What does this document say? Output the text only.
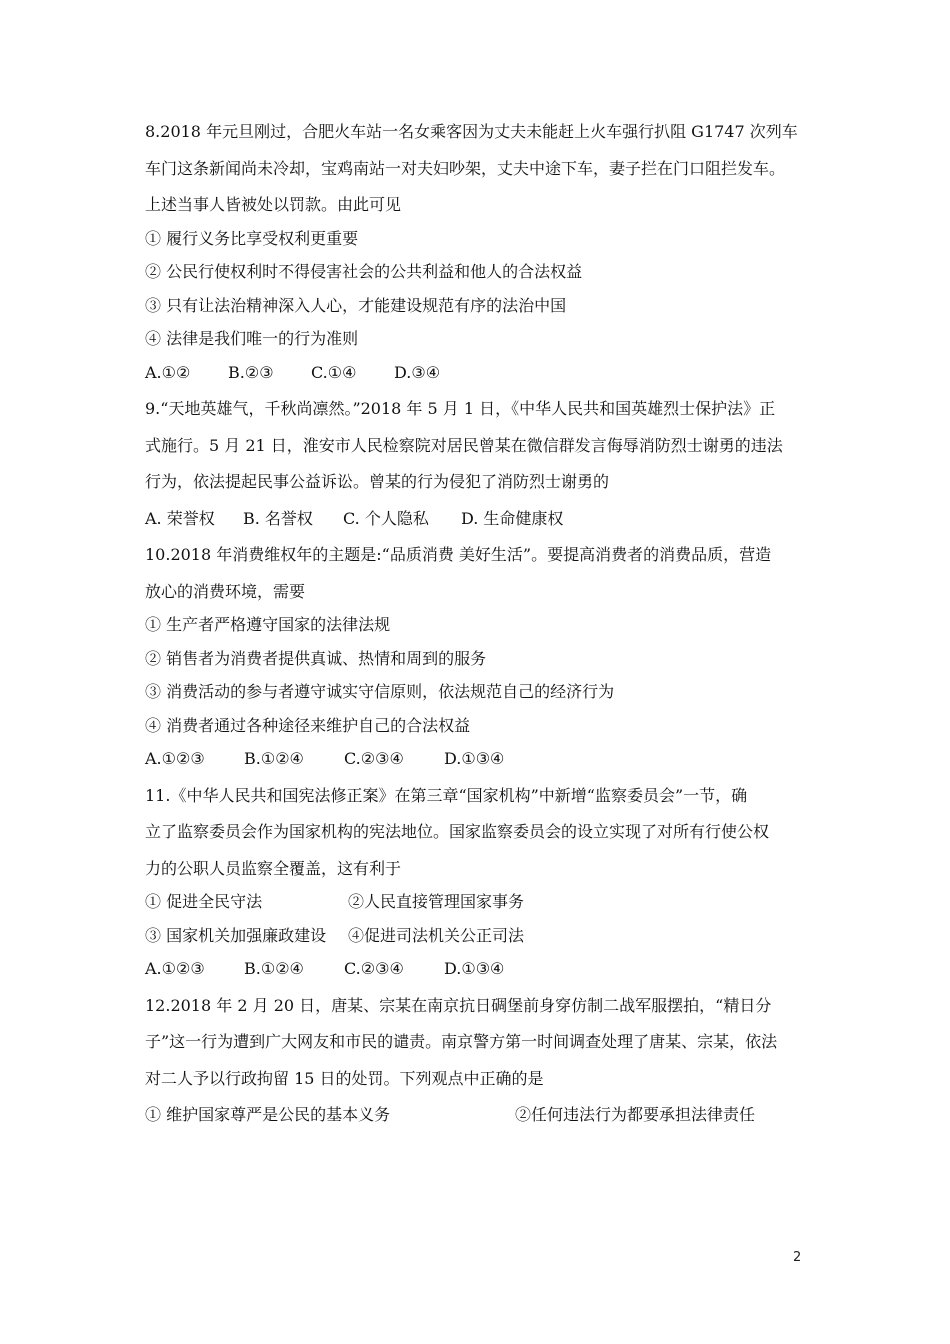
8.2018 年元旦刚过，合肥火车站一名女乘客因为丈夫未能赶上火车强行扒阻 G1747 次列车
车门这条新闻尚未冷却，宝鸡南站一对夫妇吵架，丈夫中途下车，妻子拦在门口阻拦发车。
上述当事人皆被处以罚款。由此可见
① 履行义务比享受权利更重要
② 公民行使权利时不得侵害社会的公共利益和他人的合法权益
③ 只有让法治精神深入人心，才能建设规范有序的法治中国
④ 法律是我们唯一的行为准则
A.①②	B.②③	C.①④	D.③④
9.“天地英雄气，千秋尚凛然。”2018 年 5 月 1 日，《中华人民共和国英雄烈士保护法》正
式施行。5 月 21 日，淮安市人民检察院对居民曾某在微信群发言侮辱消防烈士谢勇的违法
行为，依法提起民事公益诉讼。曾某的行为侵犯了消防烈士谢勇的
A. 荣誉权	B. 名誉权	C. 个人隐私	D. 生命健康权
10.2018 年消费维权年的主题是:“品质消费 美好生活”。要提高消费者的消费品质，营造
放心的消费环境，需要
① 生产者严格遵守国家的法律法规
② 销售者为消费者提供真诚、热情和周到的服务
③ 消费活动的参与者遵守诚实守信原则，依法规范自己的经济行为
④ 消费者通过各种途径来维护自己的合法权益
A.①②③	B.①②④	C.②③④	D.①③④
11.《中华人民共和国宪法修正案》在第三章“国家机构”中新增“监察委员会”一节，确
立了监察委员会作为国家机构的宪法地位。国家监察委员会的设立实现了对所有行使公权
力的公职人员监察全覆盖，这有利于
① 促进全民守法	②人民直接管理国家事务
③ 国家机关加强廉政建设	④促进司法机关公正司法
A.①②③	B.①②④	C.②③④	D.①③④
12.2018 年 2 月 20 日，唐某、宗某在南京抗日碉堡前身穿仿制二战军服摆拍，“精日分
子”这一行为遭到广大网友和市民的谴责。南京警方第一时间调查处理了唐某、宗某，依法
对二人予以行政拘留 15 日的处罚。下列观点中正确的是
① 维护国家尊严是公民的基本义务	②任何违法行为都要承担法律责任
2
